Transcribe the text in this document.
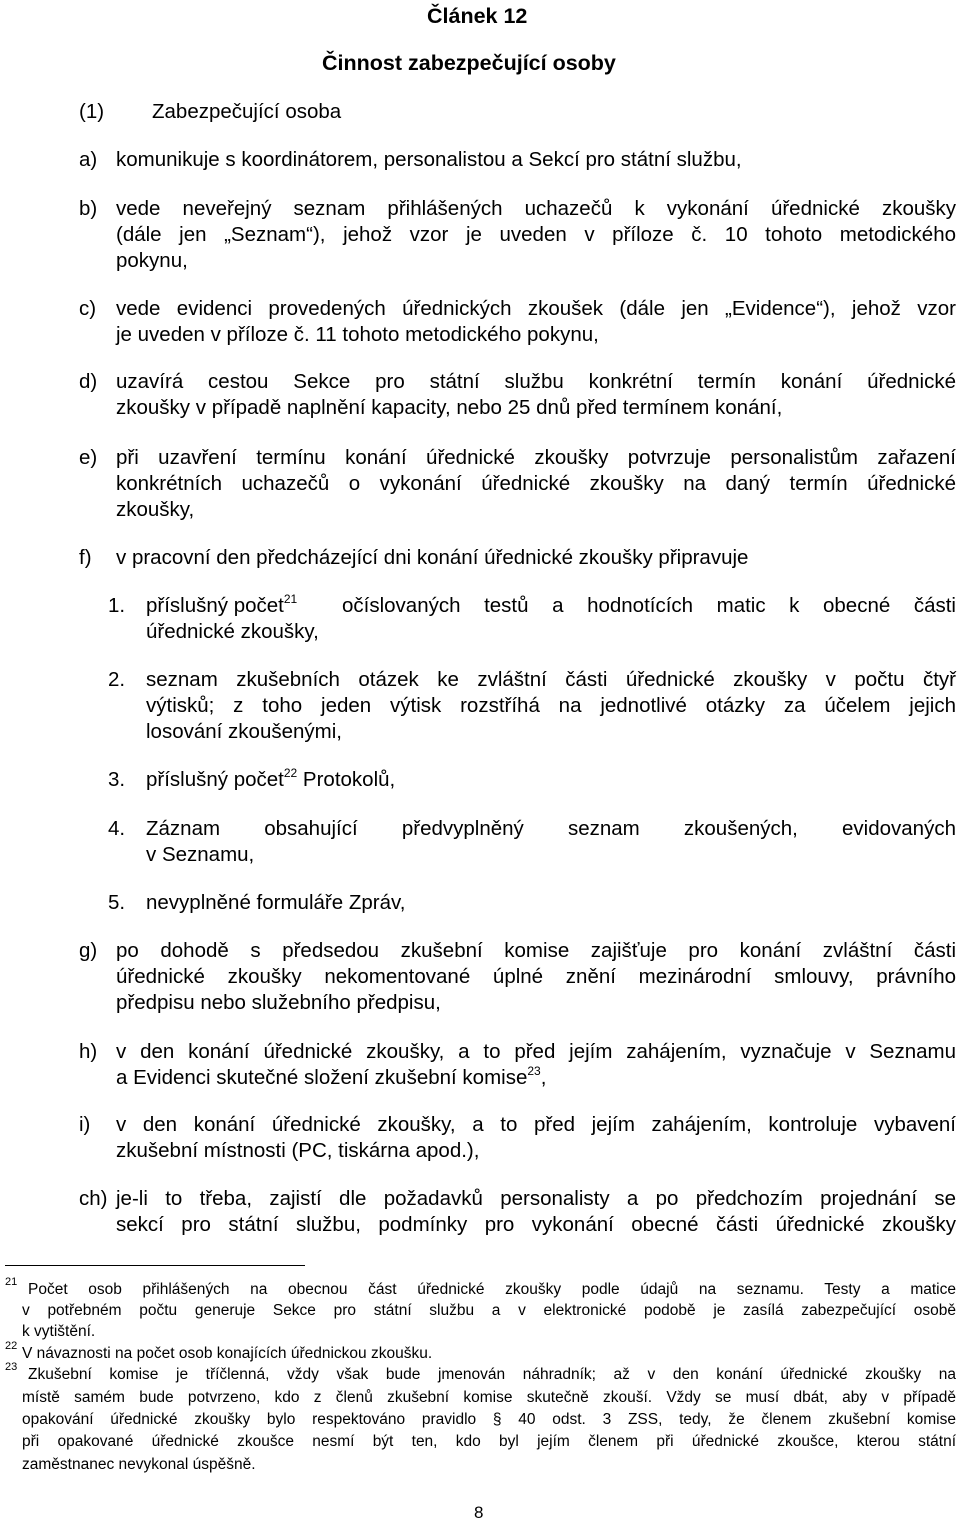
Článek 12
Činnost zabezpečující osoby
(1) Zabezpečující osoba
a) komunikuje s koordinátorem, personalistou a Sekcí pro státní službu,
b) vede neveřejný seznam přihlášených uchazečů k vykonání úřednické zkoušky
(dále jen „Seznam“), jehož vzor je uveden v příloze č. 10 tohoto metodického
pokynu,
c) vede evidenci provedených úřednických zkoušek (dále jen „Evidence“), jehož vzor
je uveden v příloze č. 11 tohoto metodického pokynu,
d) uzavírá cestou Sekce pro státní službu konkrétní termín konání úřednické
zkoušky v případě naplnění kapacity, nebo 25 dnů před termínem konání,
e) při uzavření termínu konání úřednické zkoušky potvrzuje personalistům zařazení
konkrétních uchazečů o vykonání úřednické zkoušky na daný termín úřednické
zkoušky,
f) v pracovní den předcházející dni konání úřednické zkoušky připravuje
1. příslušný počet$^{21}$ očíslovaných testů a hodnotících matic k obecné části
úřednické zkoušky,
2. seznam zkušebních otázek ke zvláštní části úřednické zkoušky v počtu čtyř
výtisků; z toho jeden výtisk rozstříhá na jednotlivé otázky za účelem jejich
losování zkoušenými,
3. příslušný počet$^{22}$ Protokolů,
4. Záznam obsahující předvyplněný seznam zkoušených, evidovaných
v Seznamu,
5. nevyplněné formuláře Zpráv,
g) po dohodě s předsedou zkušební komise zajišťuje pro konání zvláštní části
úřednické zkoušky nekomentované úplné znění mezinárodní smlouvy, právního
předpisu nebo služebního předpisu,
h) v den konání úřednické zkoušky, a to před jejím zahájením, vyznačuje v Seznamu
a Evidenci skutečné složení zkušební komise$^{23}$,
i) v den konání úřednické zkoušky, a to před jejím zahájením, kontroluje vybavení
zkušební místnosti (PC, tiskárna apod.),
ch) je-li to třeba, zajistí dle požadavků personalisty a po předchozím projednání se
sekcí pro státní službu, podmínky pro vykonání obecné části úřednické zkoušky
21 Počet osob přihlášených na obecnou část úřednické zkoušky podle údajů na seznamu. Testy a matice
v potřebném počtu generuje Sekce pro státní službu a v elektronické podobě je zasílá zabezpečující osobě
k vytištění.
22 V návaznosti na počet osob konajících úřednickou zkoušku.
23 Zkušební komise je tříčlenná, vždy však bude jmenován náhradník; až v den konání úřednické zkoušky na
místě samém bude potvrzeno, kdo z členů zkušební komise skutečně zkouší. Vždy se musí dbát, aby v případě
opakování úřednické zkoušky bylo respektováno pravidlo § 40 odst. 3 ZSS, tedy, že členem zkušební komise
při opakované úřednické zkoušce nesmí být ten, kdo byl jejím členem při úřednické zkoušce, kterou státní
zaměstnanec nevykonal úspěšně.
8
